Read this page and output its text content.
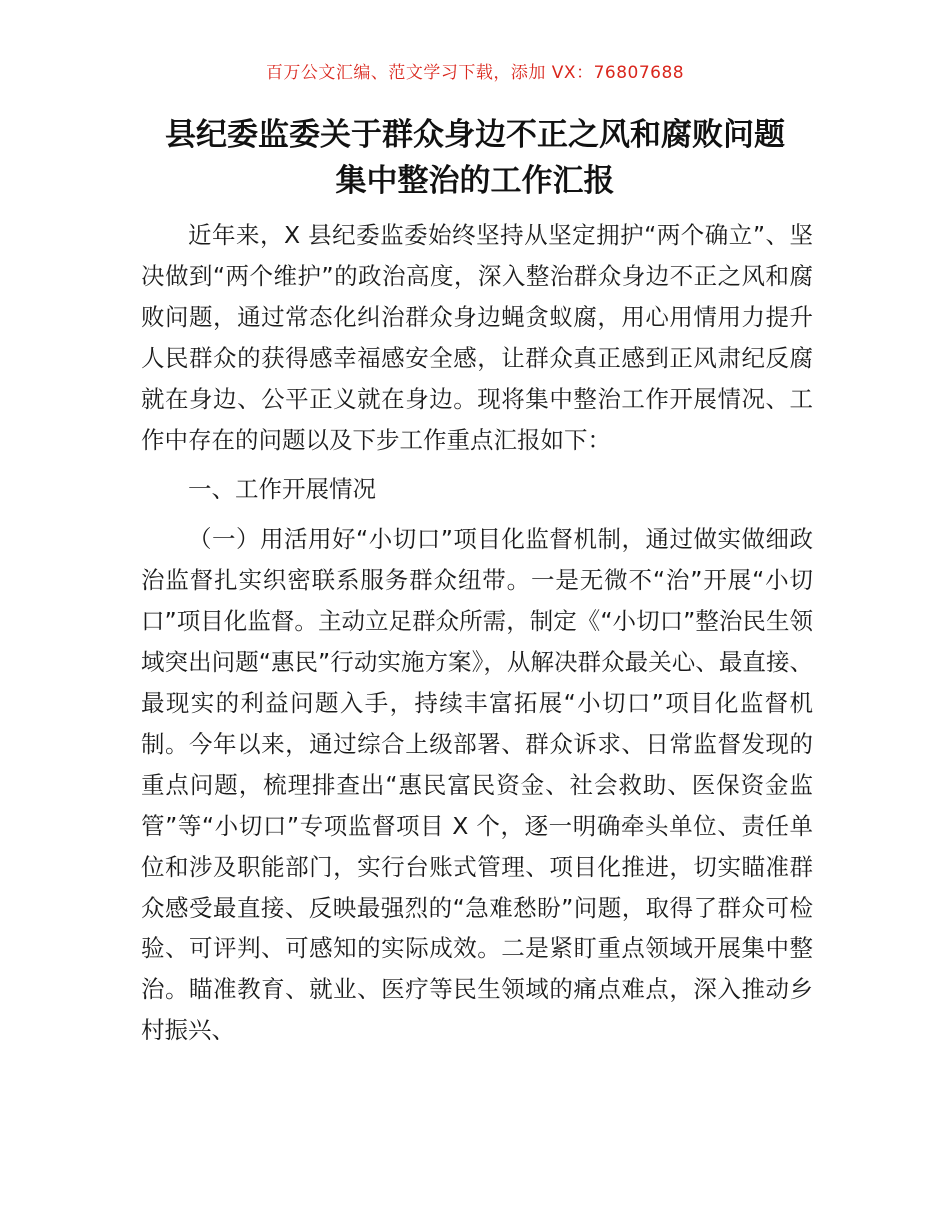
百万公文汇编、范文学习下载，添加 VX：76807688
县纪委监委关于群众身边不正之风和腐败问题
集中整治的工作汇报

近年来，X 县纪委监委始终坚持从坚定拥护“两个确立”、坚决做到“两个维护”的政治高度，深入整治群众身边不正之风和腐败问题，通过常态化纠治群众身边蝇贪蚁腐，用心用情用力提升人民群众的获得感幸福感安全感，让群众真正感到正风肃纪反腐就在身边、公平正义就在身边。现将集中整治工作开展情况、工作中存在的问题以及下步工作重点汇报如下：

一、工作开展情况

（一）用活用好“小切口”项目化监督机制，通过做实做细政治监督扎实织密联系服务群众纽带。一是无微不“治”开展“小切口”项目化监督。主动立足群众所需，制定《“小切口”整治民生领域突出问题“惠民”行动实施方案》，从解决群众最关心、最直接、最现实的利益问题入手，持续丰富拓展“小切口”项目化监督机制。今年以来，通过综合上级部署、群众诉求、日常监督发现的重点问题，梳理排查出“惠民富民资金、社会救助、医保资金监管”等“小切口”专项监督项目 X 个，逐一明确牵头单位、责任单位和涉及职能部门，实行台账式管理、项目化推进，切实瞄准群众感受最直接、反映最强烈的“急难愁盼”问题，取得了群众可检验、可评判、可感知的实际成效。二是紧盯重点领域开展集中整治。瞄准教育、就业、医疗等民生领域的痛点难点，深入推动乡村振兴、
